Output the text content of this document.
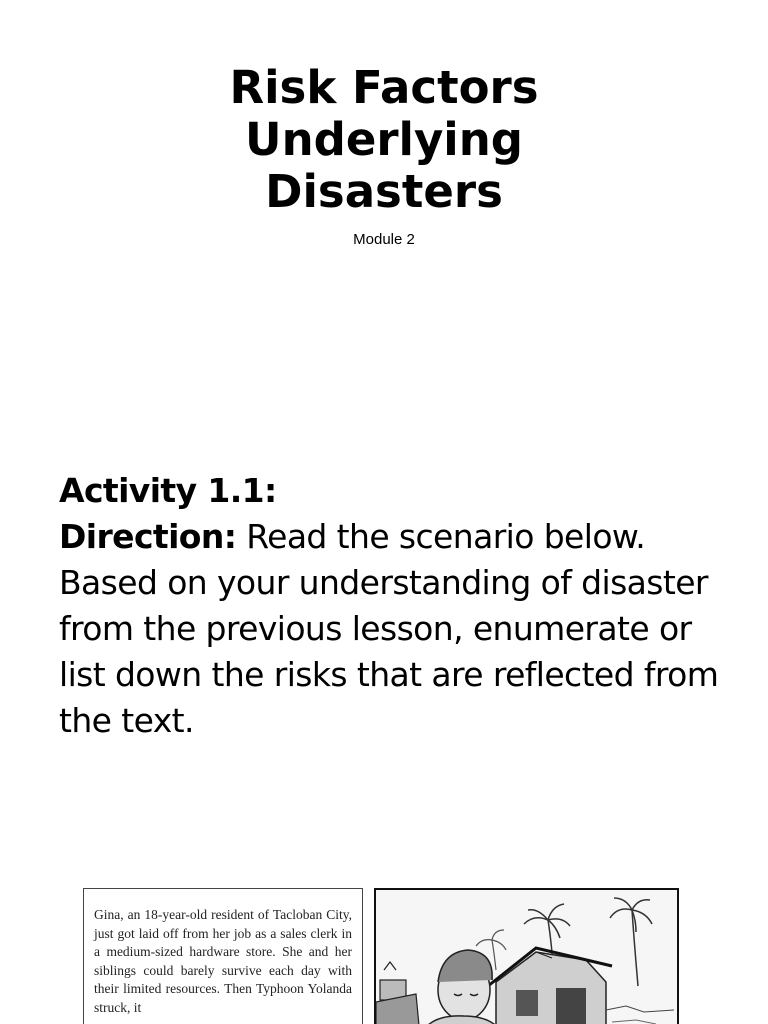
Risk Factors
Underlying
Disasters
Module 2
Activity 1.1:
Direction: Read the scenario below. Based on your understanding of disaster from the previous lesson, enumerate or list down the risks that are reflected from the text.
Gina, an 18-year-old resident of Tacloban City, just got laid off from her job as a sales clerk in a medium-sized hardware store. She and her siblings could barely survive each day with their limited resources. Then Typhoon Yolanda struck, it
